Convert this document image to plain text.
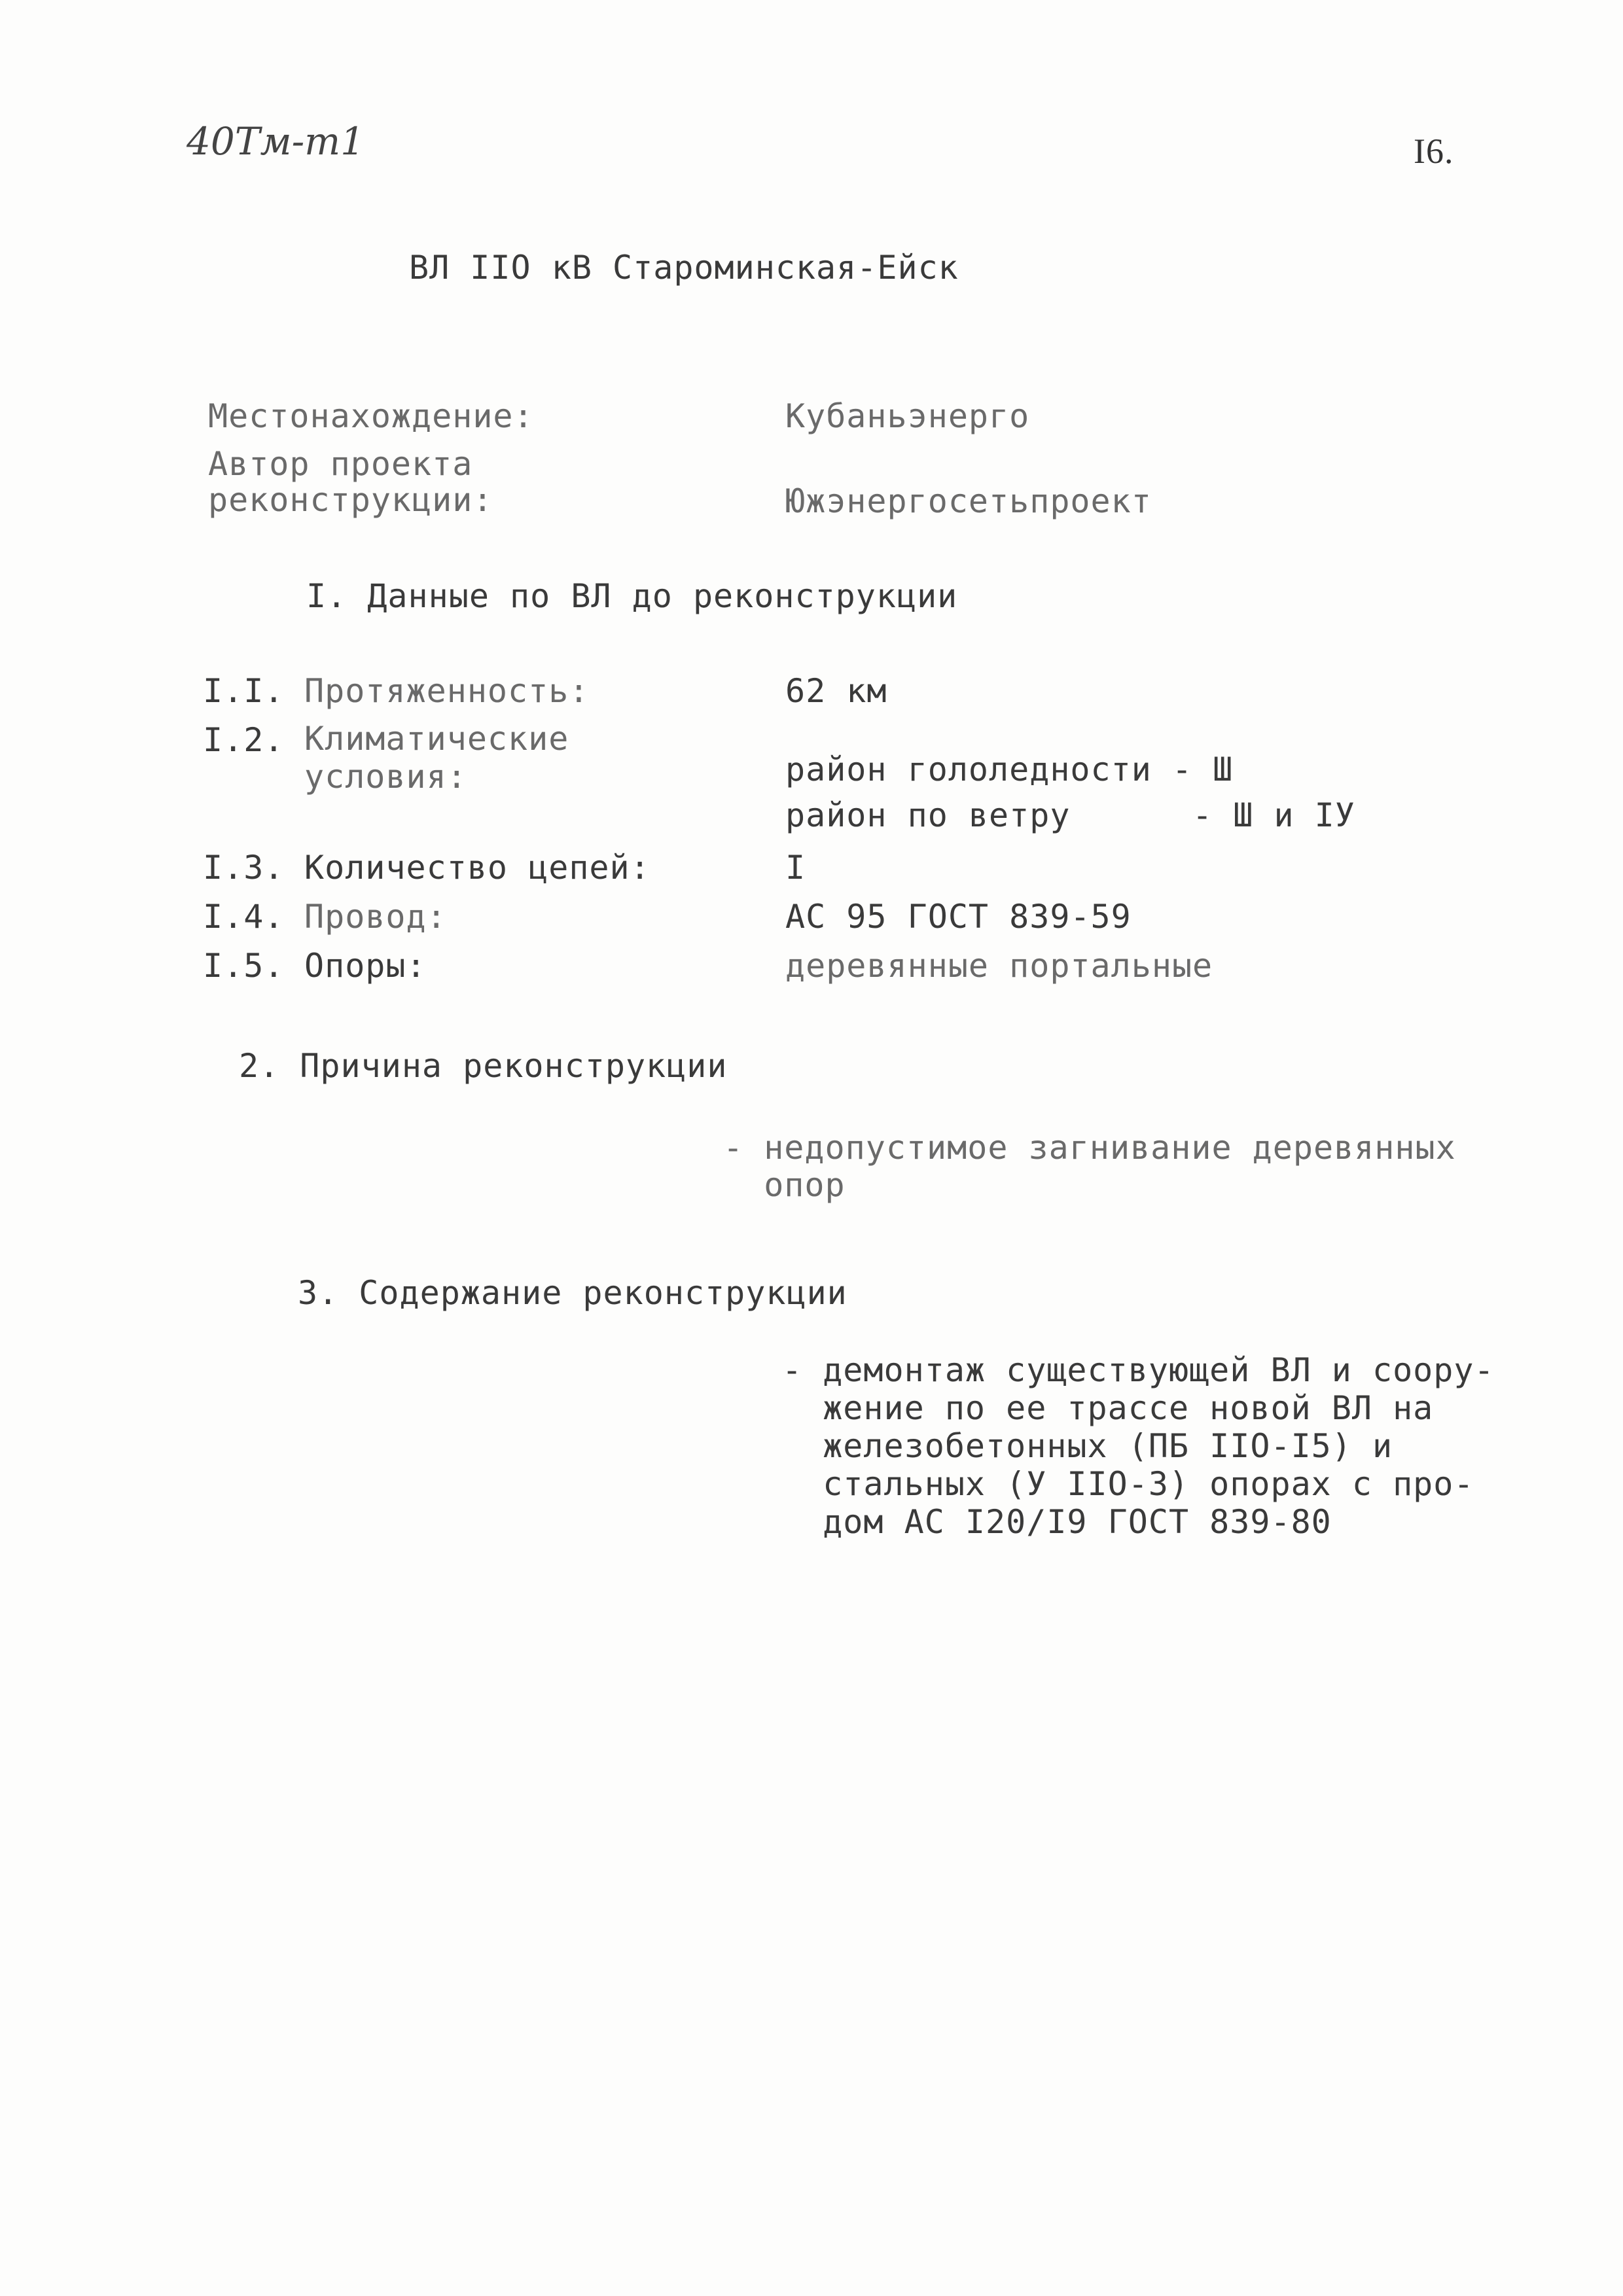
40Тм-т1	I6.
ВЛ IIO кВ Староминская-Ейск
Местонахождение:	Кубаньэнерго
Автор проекта
реконструкции:	Южэнергосетьпроект
I. Данные по ВЛ до реконструкции
I.I. Протяженность:	62 км
I.2. Климатические
условия:	район гололедности - Ш
район по ветру      - Ш и IУ
I.3. Количество цепей:	I
I.4. Провод:	АС 95 ГОСТ 839-59
I.5. Опоры:	деревянные портальные
2. Причина реконструкции
- недопустимое загнивание деревянных
опор
3. Содержание реконструкции
- демонтаж существующей ВЛ и соору-
жение по ее трассе новой ВЛ на
железобетонных (ПБ IIO-I5) и
стальных (У IIO-3) опорах с про-
дом АС I20/I9 ГОСТ 839-80
